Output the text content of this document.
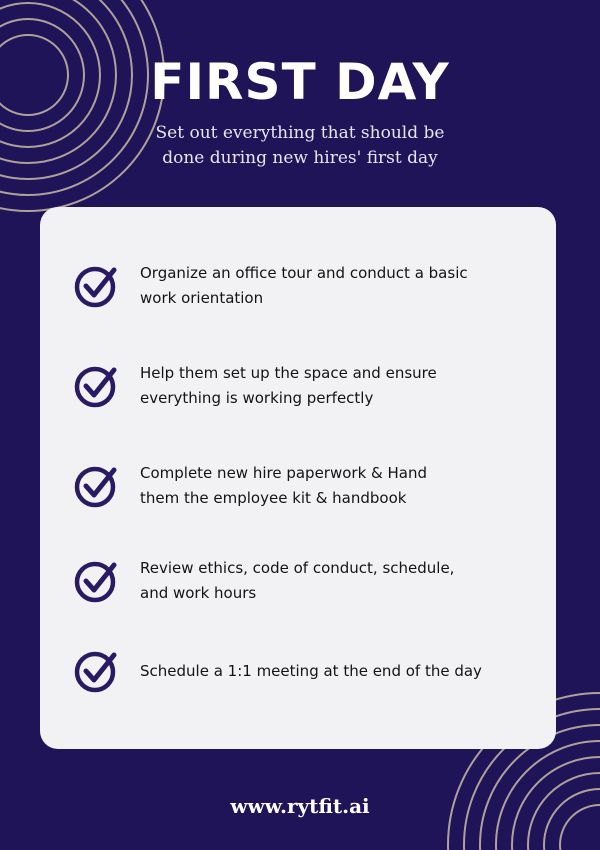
FIRST DAY
Set out everything that should be
done during new hires' first day
Organize an office tour and conduct a basic
work orientation
Help them set up the space and ensure
everything is working perfectly
Complete new hire paperwork & Hand
them the employee kit & handbook
Review ethics, code of conduct, schedule,
and work hours
Schedule a 1:1 meeting at the end of the day
www.rytfit.ai
